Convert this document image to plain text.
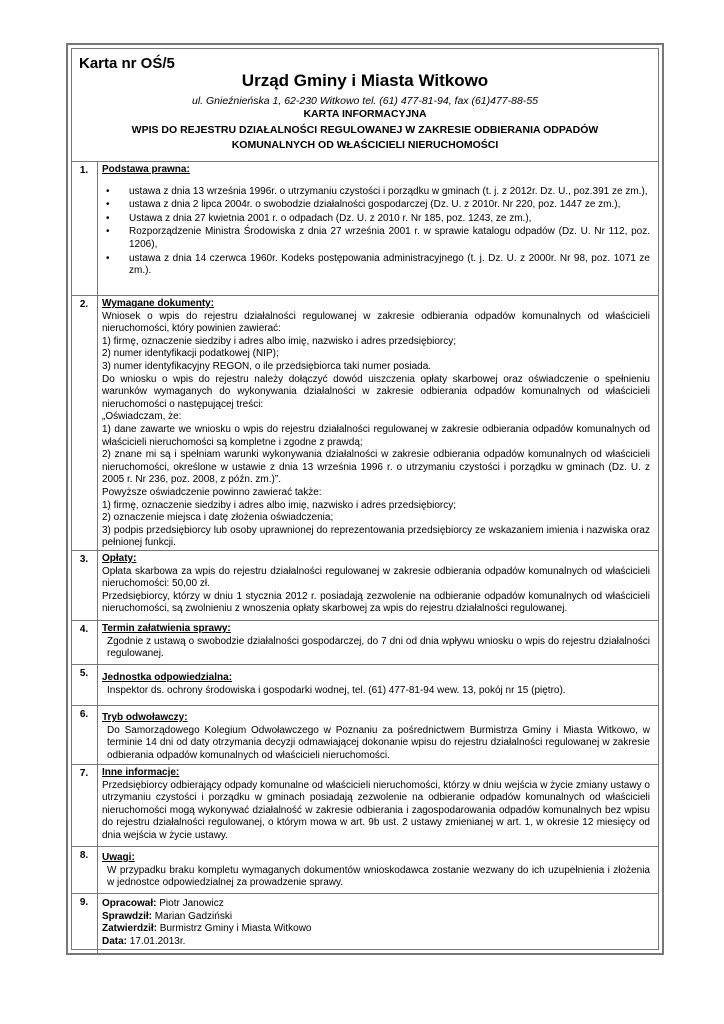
Karta nr OŚ/5
Urząd Gminy i Miasta Witkowo
ul. Gnieźnieńska 1, 62-230 Witkowo tel. (61) 477-81-94, fax (61)477-88-55
KARTA INFORMACYJNA
WPIS DO REJESTRU DZIAŁALNOŚCI REGULOWANEJ W ZAKRESIE ODBIERANIA ODPADÓW
KOMUNALNYCH OD WŁAŚCICIELI NIERUCHOMOŚCI
1.	Podstawa prawna:
• ustawa z dnia 13 września 1996r. o utrzymaniu czystości i porządku w gminach (t. j. z 2012r. Dz. U., poz.391 ze zm.),
• ustawa z dnia 2 lipca 2004r. o swobodzie działalności gospodarczej (Dz. U. z 2010r. Nr 220, poz. 1447 ze zm.),
• Ustawa z dnia 27 kwietnia 2001 r. o odpadach (Dz. U. z 2010 r. Nr 185, poz. 1243, ze zm.),
• Rozporządzenie Ministra Środowiska z dnia 27 września 2001 r. w sprawie katalogu odpadów (Dz. U. Nr 112, poz. 1206),
• ustawa z dnia 14 czerwca 1960r. Kodeks postępowania administracyjnego (t. j. Dz. U. z 2000r. Nr 98, poz. 1071 ze zm.).
2.	Wymagane dokumenty:

Wniosek o wpis do rejestru działalności regulowanej w zakresie odbierania odpadów komunalnych od właścicieli nieruchomości, który powinien zawierać:

1) firmę, oznaczenie siedziby i adres albo imię, nazwisko i adres przedsiębiorcy;

2) numer identyfikacji podatkowej (NIP);

3) numer identyfikacyjny REGON, o ile przedsiębiorca taki numer posiada.

Do wniosku o wpis do rejestru należy dołączyć dowód uiszczenia opłaty skarbowej oraz oświadczenie o spełnieniu warunków wymaganych do wykonywania działalności w zakresie odbierania odpadów komunalnych od właścicieli nieruchomości o następującej treści:

„Oświadczam, że:

1) dane zawarte we wniosku o wpis do rejestru działalności regulowanej w zakresie odbierania odpadów komunalnych od właścicieli nieruchomości są kompletne i zgodne z prawdą;

2) znane mi są i spełniam warunki wykonywania działalności w zakresie odbierania odpadów komunalnych od właścicieli nieruchomości, określone w ustawie z dnia 13 września 1996 r. o utrzymaniu czystości i porządku w gminach (Dz. U. z 2005 r. Nr 236, poz. 2008, z późn. zm.)”.

Powyższe oświadczenie powinno zawierać także:

1) firmę, oznaczenie siedziby i adres albo imię, nazwisko i adres przedsiębiorcy;

2) oznaczenie miejsca i datę złożenia oświadczenia;

3) podpis przedsiębiorcy lub osoby uprawnionej do reprezentowania przedsiębiorcy ze wskazaniem imienia i nazwiska oraz pełnionej funkcji.

3.	Opłaty:

Opłata skarbowa za wpis do rejestru działalności regulowanej w zakresie odbierania odpadów komunalnych od właścicieli nieruchomości: 50,00 zł.

Przedsiębiorcy, którzy w dniu 1 stycznia 2012 r. posiadają zezwolenie na odbieranie odpadów komunalnych od właścicieli nieruchomości, są zwolnieniu z wnoszenia opłaty skarbowej za wpis do rejestru działalności regulowanej.

4.	Termin załatwienia sprawy:

Zgodnie z ustawą o swobodzie działalności gospodarczej, do 7 dni od dnia wpływu wniosku o wpis do rejestru działalności regulowanej.

5.	Jednostka odpowiedzialna:

Inspektor ds. ochrony środowiska i gospodarki wodnej, tel. (61) 477-81-94 wew. 13, pokój nr 15 (piętro).

6.	Tryb odwoławczy:

Do Samorządowego Kolegium Odwoławczego w Poznaniu za pośrednictwem Burmistrza Gminy i Miasta Witkowo, w terminie 14 dni od daty otrzymania decyzji odmawiającej dokonanie wpisu do rejestru działalności regulowanej w zakresie odbierania odpadów komunalnych od właścicieli nieruchomości.

7.	Inne informacje:

Przedsiębiorcy odbierający odpady komunalne od właścicieli nieruchomości, którzy w dniu wejścia w życie zmiany ustawy o utrzymaniu czystości i porządku w gminach posiadają zezwolenie na odbieranie odpadów komunalnych od właścicieli nieruchomości mogą wykonywać działalność w zakresie odbierania i zagospodarowania odpadów komunalnych bez wpisu do rejestru działalności regulowanej, o którym mowa w art. 9b ust. 2 ustawy zmienianej w art. 1, w okresie 12 miesięcy od dnia wejścia w życie ustawy.

8.	Uwagi:

W przypadku braku kompletu wymaganych dokumentów wnioskodawca zostanie wezwany do ich uzupełnienia i złożenia w jednostce odpowiedzialnej za prowadzenie sprawy.

9.	Opracował: Piotr Janowicz

Sprawdził: Marian Gadziński

Zatwierdził: Burmistrz Gminy i Miasta Witkowo

Data: 17.01.2013r.
